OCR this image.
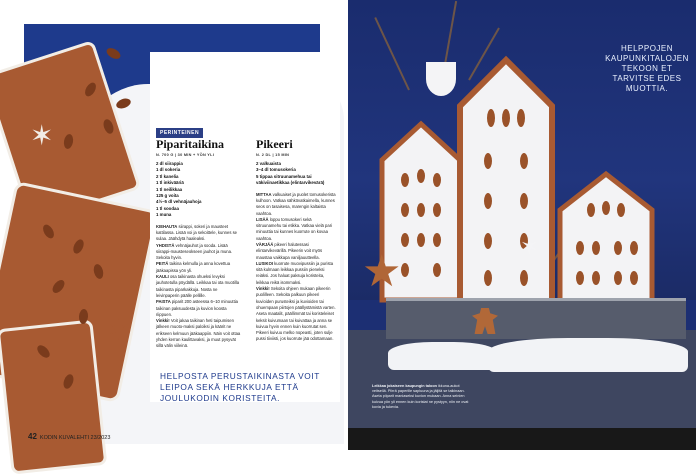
✶
✶
PERINTEINEN
Piparitaikina
N. 700 G | 30 MIN + YÖN YLI
2 dl siirappia
1 dl sokeria
2 tl kanelia
1 tl inkivääriä
1 tl neilikkaa
125 g voita
4½–5 dl vehnäjauhoja
1 tl soodaa
1 muna
KIEHAUTA siirappi, sokeri ja mausteet kattilassa. Lisää voi ja sekoittele, kunnes se sulaa. Jäähdytä haaleaksi.
YHDISTÄ vehnäjauhot ja sooda. Lisää siirappi-mausteseokseen jauhot ja muna. Sekoita hyvin.
PEITÄ taikina kelmulla ja anna kovettua jääkaapissa yön yli.
KAULI osa taikinasta ohueksi levyksi jauhotetulla pöydällä. Leikkaa tai ota muotilla taikinasta piparkakkuja. Nosta ne leivinpaperin päälle pellille.
PAISTA piparit 200 asteessa 6–10 minuuttia taikinan paksuudesta ja kuvion koosta riippuen.
Vinkki! Voit jakaa taikinan heti taipumisen jälkeen muoto-maksi paloiksi ja käärit ne erikseen kelmuun jääkaappiin. Näin voit ottaa yhden kerran kaulittavaksi, ja muut pysyvät sillä välin viileinä.
Pikeeri
N. 2 DL | 15 MIN
2 valkuaista
3–4 dl tomusokeria
5 tippaa sitruunamehua tai väkiviinaetikkaa (elintarvikevärä)
MITTAA valkuaiset ja puolet tomusokerista kulhoon. Vatkaa sähkövatkaimella, kunnes seos on tasaisesa, marengin kaltaista vaahtoa.
LISÄÄ loppu tomusokeri sekä sitruunamehu tai etikka. Vatkaa vielä pari minuuttia tai kunnes kuorrute on kovaa vaahtoa.
VÄRJÄÄ pikeeri halutessasi elintarvikevärillä. Pikeerin voit myös maustaa vaikkapa vaniljauutteella.
LUSIKOI kuorrute muovipussiin ja purista sitä kulmaan leikkaa pussiin pieneksi reiäksi. Jos haluat paksuja koristeita, leikkaa reikä isommaksi.
Vinkki! Sekoita ohjeen mukaan pikeerin puolilleen. Sekoita palkuun pikeeri kuvioiden purusteiksi ja kuvioiden tai ohuempaan piirtojen päällystämistä varten. Aseta maatalit, päällimmät tai koristeleiset keksit kuivumaan tai kuivattaa ja anna se kuivua hyvin ennen kuin kuorrutat sen. Pikeeri kuivuu melko nopeasti, joten sulje pussi tiiviisti, jos kuorrute jää odottamaan.
HELPOSTA PERUSTAIKINASTA VOIT LEIPOA SEKÄ HERKKUJA ETTÄ JOULUKODIN KORISTEITA.
42 KODIN KUVALEHTI 23/2023
★
✶
HELPPOJEN KAUPUNKITALOJEN TEKOON ET TARVITSE EDES MUOTTIA.
Leikkaa jokaiseen kaupungin taloon ikkuna-aukot veitsellä. Piirrä paperille sapluuna ja jäljitä se taikinaan. Aseta piiparit maniaseksi kuvion mukaan. Anna seinien kuivua yön yli ennen kuin koristat ne pystyyn, niin ne ovat kovia ja tukevia.
